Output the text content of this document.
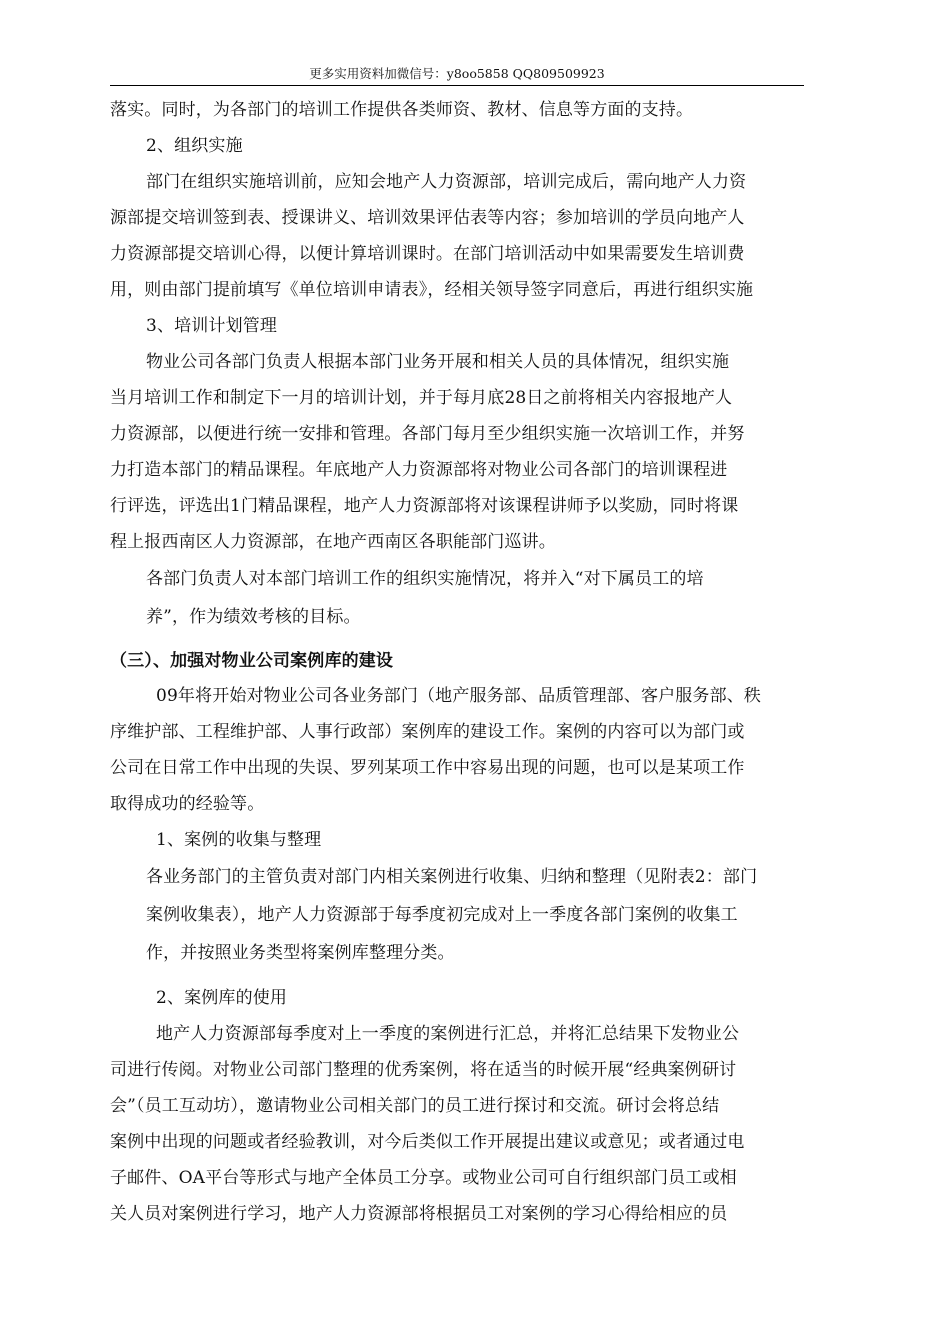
更多实用资料加微信号：y8oo5858 QQ809509923
落实。同时，为各部门的培训工作提供各类师资、教材、信息等方面的支持。
2、组织实施
部门在组织实施培训前，应知会地产人力资源部，培训完成后，需向地产人力资
源部提交培训签到表、授课讲义、培训效果评估表等内容；参加培训的学员向地产人
力资源部提交培训心得，以便计算培训课时。在部门培训活动中如果需要发生培训费
用，则由部门提前填写《单位培训申请表》，经相关领导签字同意后，再进行组织实施
3、培训计划管理
物业公司各部门负责人根据本部门业务开展和相关人员的具体情况，组织实施
当月培训工作和制定下一月的培训计划，并于每月底28日之前将相关内容报地产人
力资源部，以便进行统一安排和管理。各部门每月至少组织实施一次培训工作，并努
力打造本部门的精品课程。年底地产人力资源部将对物业公司各部门的培训课程进
行评选，评选出1门精品课程，地产人力资源部将对该课程讲师予以奖励，同时将课
程上报西南区人力资源部，在地产西南区各职能部门巡讲。
各部门负责人对本部门培训工作的组织实施情况，将并入“对下属员工的培
养”，作为绩效考核的目标。
（三）、加强对物业公司案例库的建设
09年将开始对物业公司各业务部门（地产服务部、品质管理部、客户服务部、秩
序维护部、工程维护部、人事行政部）案例库的建设工作。案例的内容可以为部门或
公司在日常工作中出现的失误、罗列某项工作中容易出现的问题，也可以是某项工作
取得成功的经验等。
1、案例的收集与整理
各业务部门的主管负责对部门内相关案例进行收集、归纳和整理（见附表2：部门
案例收集表），地产人力资源部于每季度初完成对上一季度各部门案例的收集工
作，并按照业务类型将案例库整理分类。
2、案例库的使用
地产人力资源部每季度对上一季度的案例进行汇总，并将汇总结果下发物业公
司进行传阅。对物业公司部门整理的优秀案例，将在适当的时候开展“经典案例研讨
会”（员工互动坊），邀请物业公司相关部门的员工进行探讨和交流。研讨会将总结
案例中出现的问题或者经验教训，对今后类似工作开展提出建议或意见；或者通过电
子邮件、OA平台等形式与地产全体员工分享。或物业公司可自行组织部门员工或相
关人员对案例进行学习，地产人力资源部将根据员工对案例的学习心得给相应的员
